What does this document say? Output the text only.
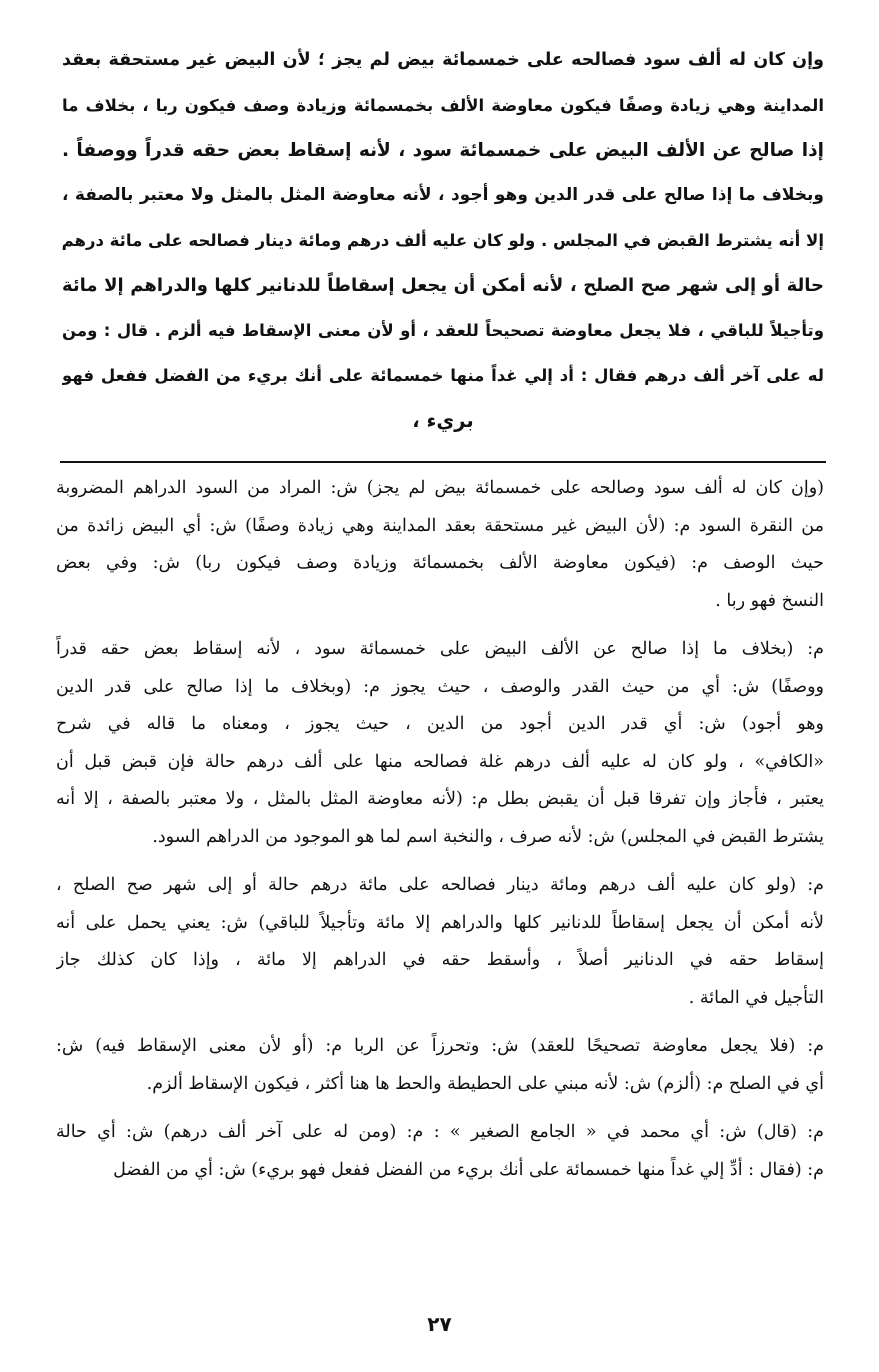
وإن كان له ألف سود فصالحه على خمسمائة بيض لم يجز ؛ لأن البيض غير مستحقة بعقد
المداينة وهي زيادة وصفًا فيكون معاوضة الألف بخمسمائة وزيادة وصف فيكون ربا ، بخلاف ما
إذا صالح عن الألف البيض على خمسمائة سود ، لأنه إسقاط بعض حقه قدراً ووصفاً .
وبخلاف ما إذا صالح على قدر الدين وهو أجود ، لأنه معاوضة المثل بالمثل ولا معتبر بالصفة ،
إلا أنه يشترط القبض في المجلس . ولو كان عليه ألف درهم ومائة دينار فصالحه على مائة درهم
حالة أو إلى شهر صح الصلح ، لأنه أمكن أن يجعل إسقاطاً للدنانير كلها والدراهم إلا مائة
وتأجيلاً للباقي ، فلا يجعل معاوضة تصحيحاً للعقد ، أو لأن معنى الإسقاط فيه ألزم . قال : ومن
له على آخر ألف درهم فقال : أد إلي غداً منها خمسمائة على أنك بريء من الفضل ففعل فهو
بريء ،
(وإن كان له ألف سود وصالحه على خمسمائة بيض لم يجز) ش: المراد من السود الدراهم المضروبة
من النقرة السود م: (لأن البيض غير مستحقة بعقد المداينة وهي زيادة وصفًا) ش: أي البيض زائدة من
حيث الوصف م: (فيكون معاوضة الألف بخمسمائة وزيادة وصف فيكون ربا) ش: وفي بعض
النسخ فهو ربا .
م: (بخلاف ما إذا صالح عن الألف البيض على خمسمائة سود ، لأنه إسقاط بعض حقه قدراً
ووصفًا) ش: أي من حيث القدر والوصف ، حيث يجوز م: (وبخلاف ما إذا صالح على قدر الدين
وهو أجود) ش: أي قدر الدين أجود من الدين ، حيث يجوز ، ومعناه ما قاله في شرح
«الكافي» ، ولو كان له عليه ألف درهم غلة فصالحه منها على ألف درهم حالة فإن قبض قبل أن
يعتبر ، فأجاز وإن تفرقا قبل أن يقبض بطل م: (لأنه معاوضة المثل بالمثل ، ولا معتبر بالصفة ، إلا أنه
يشترط القبض في المجلس) ش: لأنه صرف ، والنخبة اسم لما هو الموجود من الدراهم السود.
م: (ولو كان عليه ألف درهم ومائة دينار فصالحه على مائة درهم حالة أو إلى شهر صح الصلح ،
لأنه أمكن أن يجعل إسقاطاً للدنانير كلها والدراهم إلا مائة وتأجيلاً للباقي) ش: يعني يحمل على أنه
إسقاط حقه في الدنانير أصلاً ، وأسقط حقه في الدراهم إلا مائة ، وإذا كان كذلك جاز
التأجيل في المائة .
م: (فلا يجعل معاوضة تصحيحًا للعقد) ش: وتحرزاً عن الربا م: (أو لأن معنى الإسقاط فيه) ش:
أي في الصلح م: (ألزم) ش: لأنه مبني على الحطيطة والحط ها هنا أكثر ، فيكون الإسقاط ألزم.
م: (قال) ش: أي محمد في « الجامع الصغير » : م: (ومن له على آخر ألف درهم) ش: أي حالة
م: (فقال : أدِّ إلي غداً منها خمسمائة على أنك بريء من الفضل ففعل فهو بريء) ش: أي من الفضل
٢٧
